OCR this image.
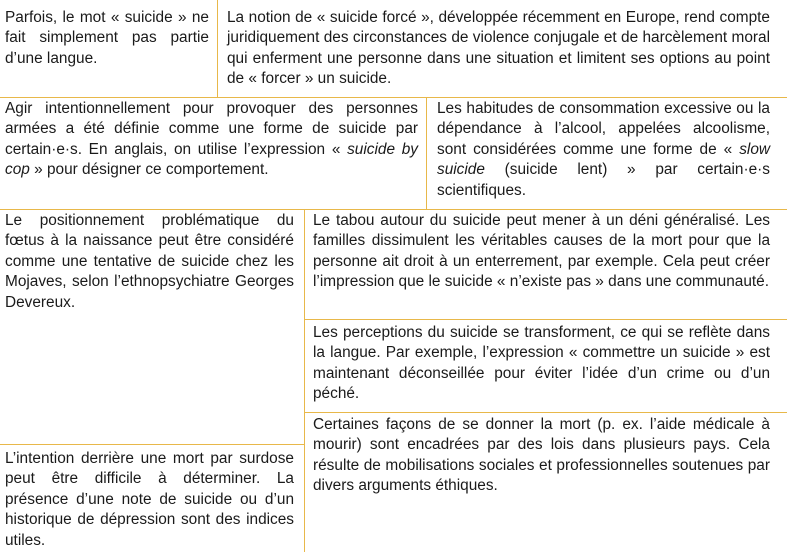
Parfois, le mot « suicide » ne fait simplement pas partie d’une langue.

La notion de « suicide forcé », développée récemment en Europe, rend compte juridiquement des circonstances de violence conjugale et de harcèlement moral qui enferment une personne dans une situation et limitent ses options au point de « forcer » un suicide.

Agir intentionnellement pour provoquer des personnes armées a été définie comme une forme de suicide par certain·e·s. En anglais, on utilise l’expression « suicide by cop » pour désigner ce comportement.

Les habitudes de consommation excessive ou la dépendance à l’alcool, appelées alcoolisme, sont considérées comme une forme de « slow suicide (suicide lent) » par certain·e·s scientifiques.

Le positionnement problématique du fœtus à la naissance peut être considéré comme une tentative de suicide chez les Mojaves, selon l’ethnopsychiatre Georges Devereux.

Le tabou autour du suicide peut mener à un déni généralisé. Les familles dissimulent les véritables causes de la mort pour que la personne ait droit à un enterrement, par exemple. Cela peut créer l’impression que le suicide « n’existe pas » dans une communauté.

Les perceptions du suicide se transforment, ce qui se reflète dans la langue. Par exemple, l’expression « commettre un suicide » est maintenant déconseillée pour éviter l’idée d’un crime ou d’un péché.

Certaines façons de se donner la mort (p. ex. l’aide médicale à mourir) sont encadrées par des lois dans plusieurs pays. Cela résulte de mobilisations sociales et professionnelles soutenues par divers arguments éthiques.

L’intention derrière une mort par surdose peut être difficile à déterminer. La présence d’une note de suicide ou d’un historique de dépression sont des indices utiles.
